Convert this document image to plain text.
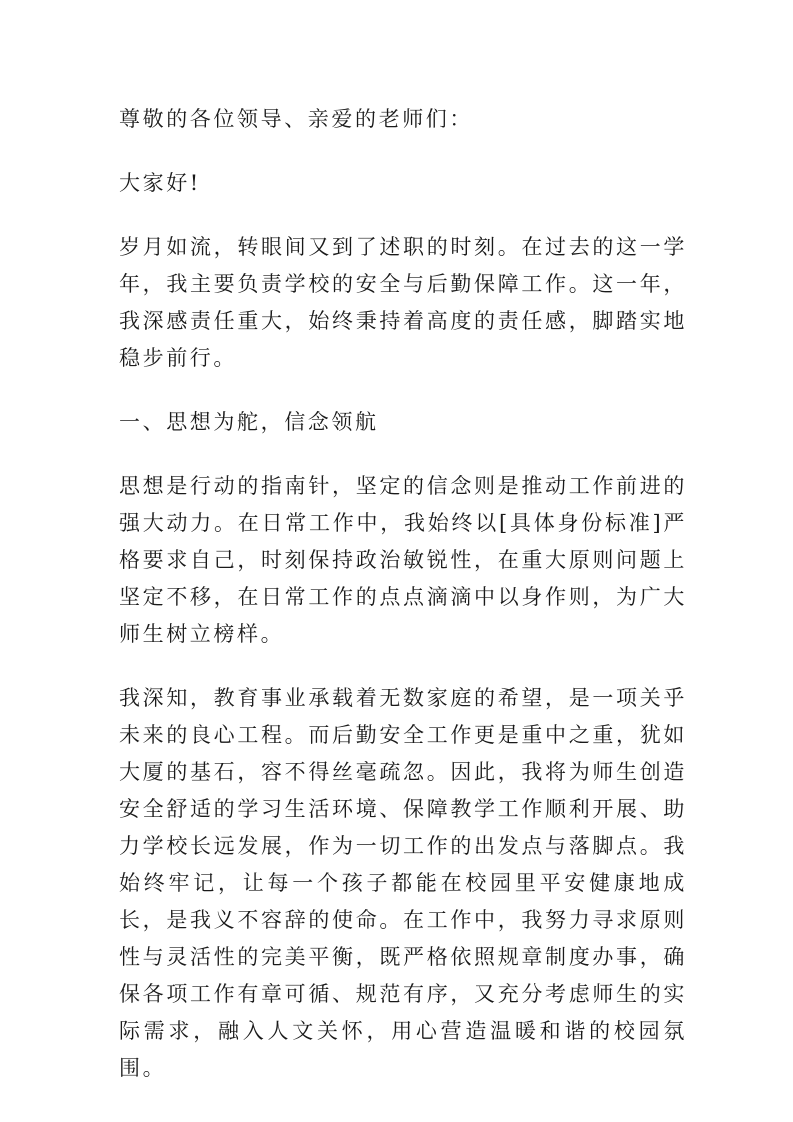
尊敬的各位领导、亲爱的老师们：

大家好!

岁月如流，转眼间又到了述职的时刻。在过去的这一学年，我主要负责学校的安全与后勤保障工作。这一年，我深感责任重大，始终秉持着高度的责任感，脚踏实地稳步前行。

一、思想为舵，信念领航

思想是行动的指南针，坚定的信念则是推动工作前进的强大动力。在日常工作中，我始终以[具体身份标准]严格要求自己，时刻保持政治敏锐性，在重大原则问题上坚定不移，在日常工作的点点滴滴中以身作则，为广大师生树立榜样。

我深知，教育事业承载着无数家庭的希望，是一项关乎未来的良心工程。而后勤安全工作更是重中之重，犹如大厦的基石，容不得丝毫疏忽。因此，我将为师生创造安全舒适的学习生活环境、保障教学工作顺利开展、助力学校长远发展，作为一切工作的出发点与落脚点。我始终牢记，让每一个孩子都能在校园里平安健康地成长，是我义不容辞的使命。在工作中，我努力寻求原则性与灵活性的完美平衡，既严格依照规章制度办事，确保各项工作有章可循、规范有序，又充分考虑师生的实际需求，融入人文关怀，用心营造温暖和谐的校园氛围。
